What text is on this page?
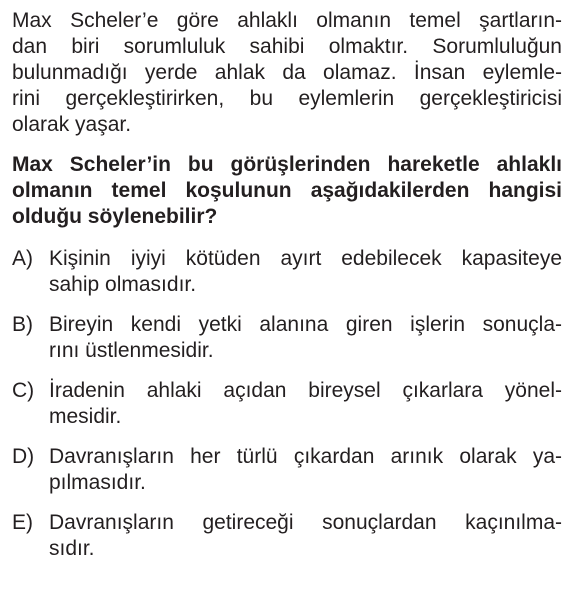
Max Scheler’e göre ahlaklı olmanın temel şartların-
dan biri sorumluluk sahibi olmaktır. Sorumluluğun
bulunmadığı yerde ahlak da olamaz. İnsan eylemle-
rini gerçekleştirirken, bu eylemlerin gerçekleştiricisi
olarak yaşar.
Max Scheler’in bu görüşlerinden hareketle ahlaklı
olmanın temel koşulunun aşağıdakilerden hangisi
olduğu söylenebilir?
A) Kişinin iyiyi kötüden ayırt edebilecek kapasiteye
sahip olmasıdır.
B) Bireyin kendi yetki alanına giren işlerin sonuçla-
rını üstlenmesidir.
C) İradenin ahlaki açıdan bireysel çıkarlara yönel-
mesidir.
D) Davranışların her türlü çıkardan arınık olarak ya-
pılmasıdır.
E) Davranışların getireceği sonuçlardan kaçınılma-
sıdır.
